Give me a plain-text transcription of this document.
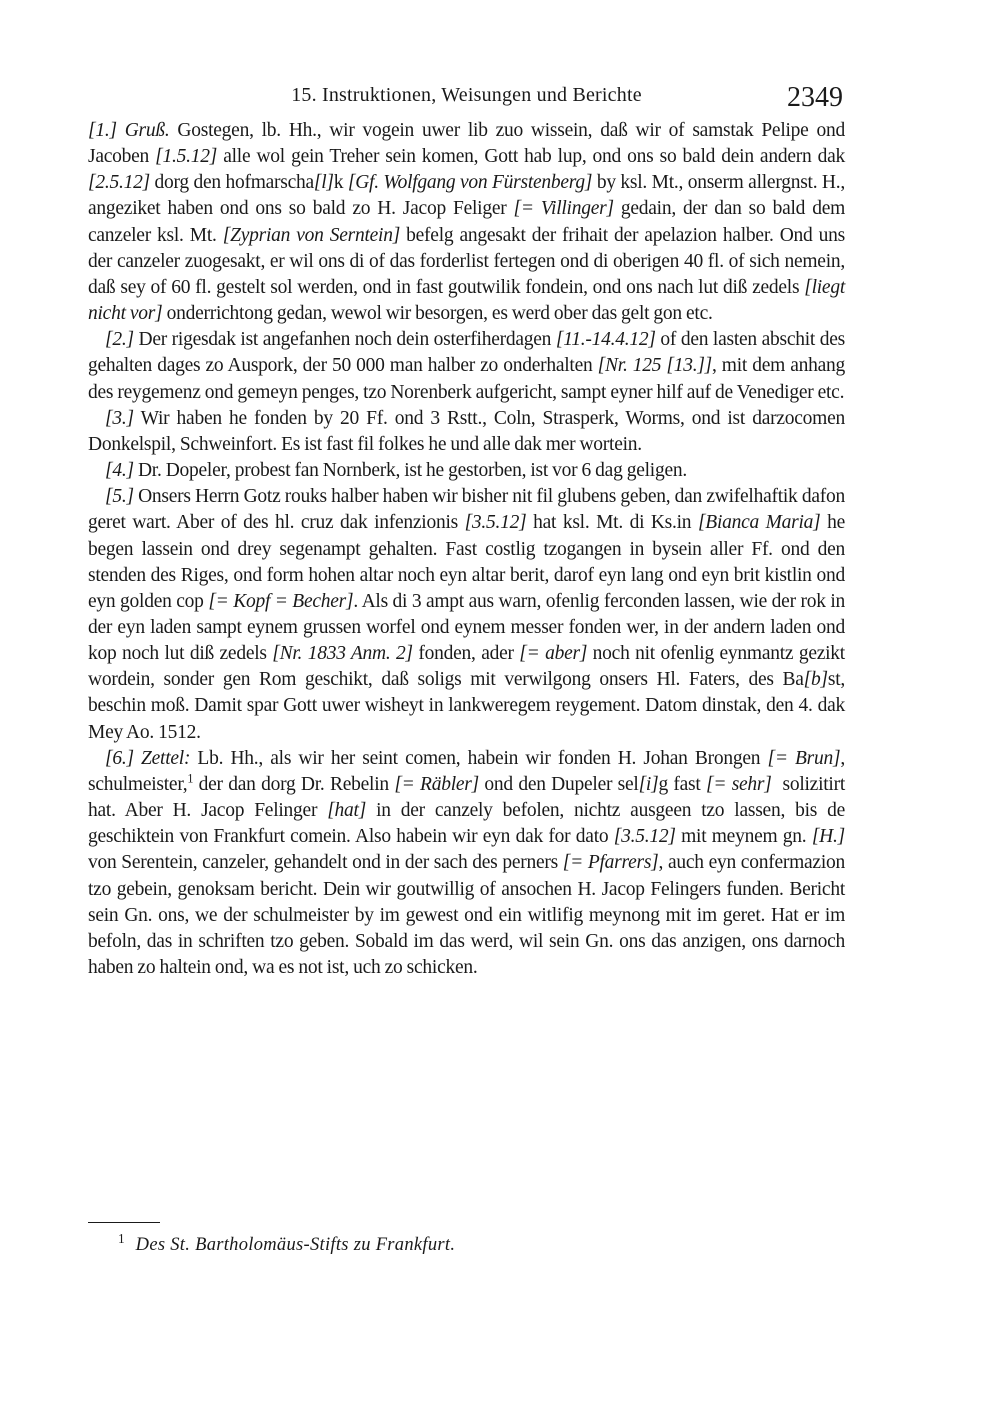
15. Instruktionen, Weisungen und Berichte	2349

[1.] Gruß. Gostegen, lb. Hh., wir vogein uwer lib zuo wissein, daß wir of samstak Pelipe ond Jacoben [1.5.12] alle wol gein Treher sein komen, Gott hab lup, ond ons so bald dein andern dak [2.5.12] dorg den hofmarscha[l]k [Gf. Wolfgang von Fürstenberg] by ksl. Mt., onserm allergnst. H., angeziket haben ond ons so bald zo H. Jacop Feliger [= Villinger] gedain, der dan so bald dem canzeler ksl. Mt. [Zyprian von Serntein] befelg angesakt der frihait der apelazion halber. Ond uns der canzeler zuogesakt, er wil ons di of das forderlist fertegen ond di oberigen 40 fl. of sich nemein, daß sey of 60 fl. gestelt sol werden, ond in fast goutwilik fondein, ond ons nach lut diß zedels [liegt nicht vor] onderrichtong gedan, wewol wir besorgen, es werd ober das gelt gon etc.

[2.] Der rigesdak ist angefanhen noch dein osterfiherdagen [11.-14.4.12] of den lasten abschit des gehalten dages zo Auspork, der 50 000 man halber zo onderhalten [Nr. 125 [13.]], mit dem anhang des reygemenz ond gemeyn penges, tzo Norenberk aufgericht, sampt eyner hilf auf de Venediger etc.

[3.] Wir haben he fonden by 20 Ff. ond 3 Rstt., Coln, Strasperk, Worms, ond ist darzocomen Donkelspil, Schweinfort. Es ist fast fil folkes he und alle dak mer wortein.

[4.] Dr. Dopeler, probest fan Nornberk, ist he gestorben, ist vor 6 dag geligen.

[5.] Onsers Herrn Gotz rouks halber haben wir bisher nit fil glubens geben, dan zwifelhaftik dafon geret wart. Aber of des hl. cruz dak infenzionis [3.5.12] hat ksl. Mt. di Ks.in [Bianca Maria] he begen lassein ond drey segenampt gehalten. Fast costlig tzogangen in bysein aller Ff. ond den stenden des Riges, ond form hohen altar noch eyn altar berit, darof eyn lang ond eyn brit kistlin ond eyn golden cop [= Kopf = Becher]. Als di 3 ampt aus warn, ofenlig ferconden lassen, wie der rok in der eyn laden sampt eynem grussen worfel ond eynem messer fonden wer, in der andern laden ond kop noch lut diß zedels [Nr. 1833 Anm. 2] fonden, ader [= aber] noch nit ofenlig eynmantz gezikt wordein, sonder gen Rom geschikt, daß soligs mit verwilgong onsers Hl. Faters, des Ba[b]st, beschin moß. Damit spar Gott uwer wisheyt in lankweregem reygement. Datom dinstak, den 4. dak Mey Ao. 1512.

[6.] Zettel: Lb. Hh., als wir her seint comen, habein wir fonden H. Johan Brongen [= Brun], schulmeister,$^1$ der dan dorg Dr. Rebelin [= Räbler] ond den Dupeler sel[i]g fast [= sehr]  solizitirt hat. Aber H. Jacop Felinger [hat] in der canzely befolen, nichtz ausgeen tzo lassen, bis de geschiktein von Frankfurt comein. Also habein wir eyn dak for dato [3.5.12] mit meynem gn. [H.] von Serentein, canzeler, gehandelt ond in der sach des perners [= Pfarrers], auch eyn confermazion tzo gebein, genoksam bericht. Dein wir goutwillig of ansochen H. Jacop Felingers funden. Bericht sein Gn. ons, we der schulmeister by im gewest ond ein witlifig meynong mit im geret. Hat er im befoln, das in schriften tzo geben. Sobald im das werd, wil sein Gn. ons das anzigen, ons darnoch haben zo haltein ond, wa es not ist, uch zo schicken.

$^1$ Des St. Bartholomäus-Stifts zu Frankfurt.
